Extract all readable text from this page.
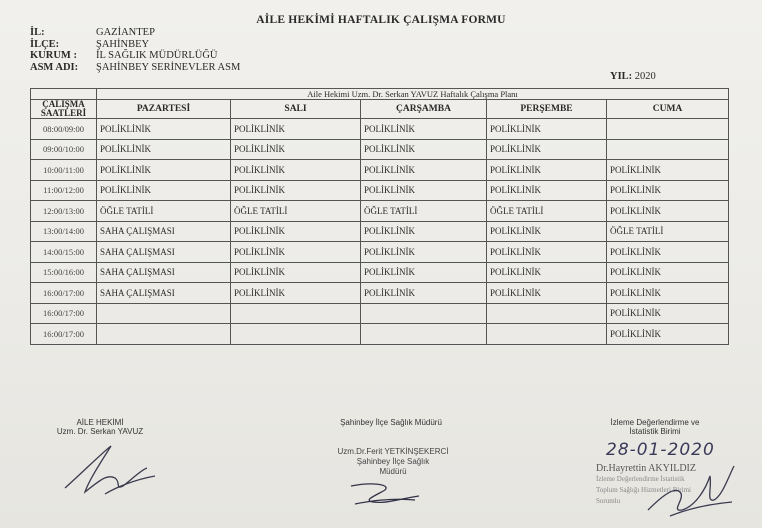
AİLE HEKİMİ HAFTALIK ÇALIŞMA FORMU
İL:	GAZİANTEP
İLÇE:	ŞAHİNBEY
KURUM :	İL SAĞLIK MÜDÜRLÜĞÜ
ASM ADI:	ŞAHİNBEY SERİNEVLER ASM
YIL: 2020
	Aile Hekimi Uzm. Dr. Serkan YAVUZ Haftalık Çalışma Planı				
ÇALIŞMA
SAATLERİ	PAZARTESİ	SALI	ÇARŞAMBA	PERŞEMBE	CUMA
08:00/09:00	POLİKLİNİK	POLİKLİNİK	POLİKLİNİK	POLİKLİNİK	
09:00/10:00	POLİKLİNİK	POLİKLİNİK	POLİKLİNİK	POLİKLİNİK	
10:00/11:00	POLİKLİNİK	POLİKLİNİK	POLİKLİNİK	POLİKLİNİK	POLİKLİNİK
11:00/12:00	POLİKLİNİK	POLİKLİNİK	POLİKLİNİK	POLİKLİNİK	POLİKLİNİK
12:00/13:00	ÖĞLE TATİLİ	ÖĞLE TATİLİ	ÖĞLE TATİLİ	ÖĞLE TATİLİ	POLİKLİNİK
13:00/14:00	SAHA ÇALIŞMASI	POLİKLİNİK	POLİKLİNİK	POLİKLİNİK	ÖĞLE TATİLİ
14:00/15:00	SAHA ÇALIŞMASI	POLİKLİNİK	POLİKLİNİK	POLİKLİNİK	POLİKLİNİK
15:00/16:00	SAHA ÇALIŞMASI	POLİKLİNİK	POLİKLİNİK	POLİKLİNİK	POLİKLİNİK
16:00/17:00	SAHA ÇALIŞMASI	POLİKLİNİK	POLİKLİNİK	POLİKLİNİK	POLİKLİNİK
16:00/17:00					POLİKLİNİK
16:00/17:00					POLİKLİNİK
AİLE HEKİMİ
Uzm. Dr. Serkan YAVUZ
Şahinbey İlçe Sağlık Müdürü
Uzm.Dr.Ferit YETKİNŞEKERCİ
Şahinbey İlçe Sağlık
Müdürü
İzleme Değerlendirme ve
İstatistik Birimi
28-01-2020
Dr.Hayrettin AKYILDIZ
İzleme Değerlendirme İstatistik
Toplum Sağlığı Hizmetleri Birimi
Sorumlu
